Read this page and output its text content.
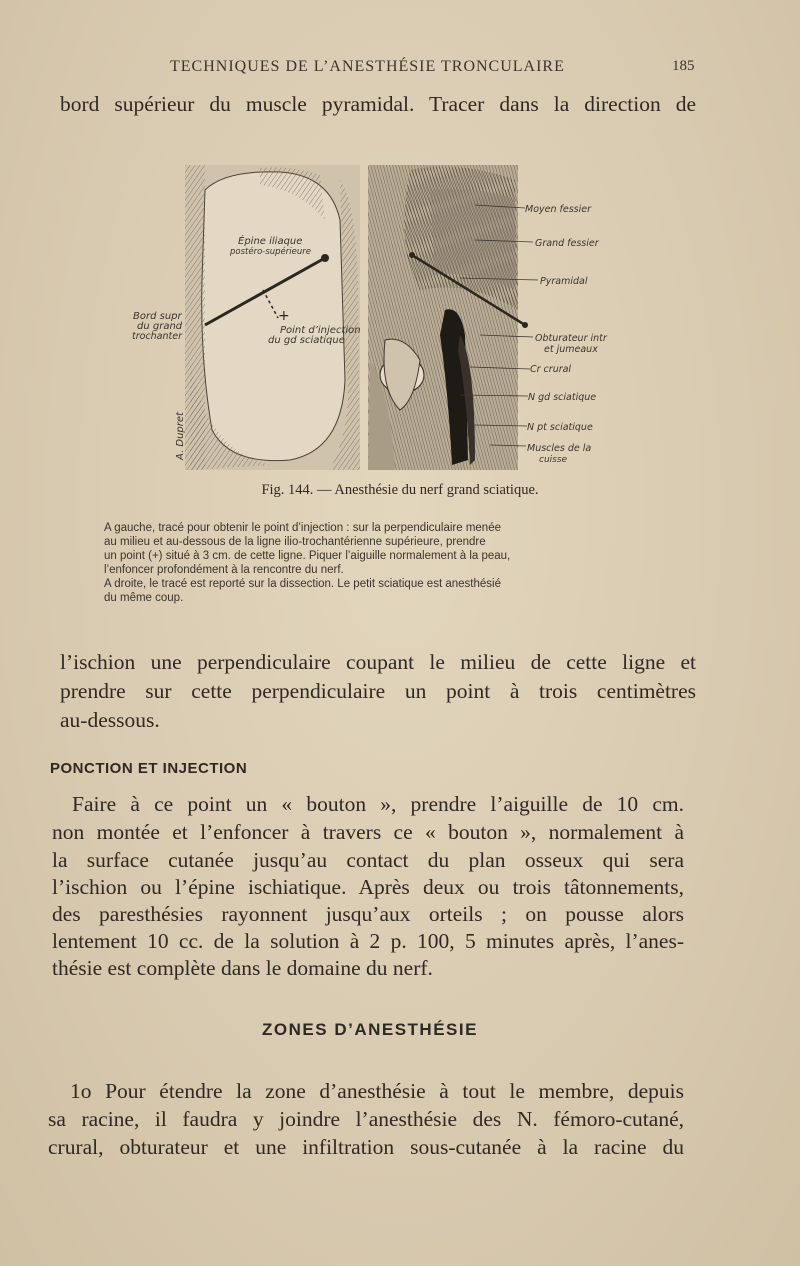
TECHNIQUES DE L’ANESTHÉSIE TRONCULAIRE	185
bord supérieur du muscle pyramidal. Tracer dans la direction de
+
Épine iliaque
postéro-supérieure
Bord supr
du grand
trochanter
Point d’injection
du gd sciatique
A. Dupret
Moyen fessier
Grand fessier
Pyramidal
Obturateur intr
et jumeaux
Cr crural
N gd sciatique
N pt sciatique
Muscles de la
cuisse
Fig. 144. — Anesthésie du nerf grand sciatique.
A gauche, tracé pour obtenir le point d’injection : sur la perpendiculaire menée
au milieu et au-dessous de la ligne ilio-trochantérienne supérieure, prendre
un point (+) situé à 3 cm. de cette ligne. Piquer l’aiguille normalement à la peau,
l’enfoncer profondément à la rencontre du nerf.
A droite, le tracé est reporté sur la dissection. Le petit sciatique est anesthésié
du même coup.
l’ischion une perpendiculaire coupant le milieu de cette ligne et
prendre sur cette perpendiculaire un point à trois centimètres
au-dessous.
PONCTION ET INJECTION
Faire à ce point un « bouton », prendre l’aiguille de 10 cm.
non montée et l’enfoncer à travers ce « bouton », normalement à
la surface cutanée jusqu’au contact du plan osseux qui sera
l’ischion ou l’épine ischiatique. Après deux ou trois tâtonnements,
des paresthésies rayonnent jusqu’aux orteils ; on pousse alors
lentement 10 cc. de la solution à 2 p. 100, 5 minutes après, l’anes-
thésie est complète dans le domaine du nerf.
ZONES D’ANESTHÉSIE
1o Pour étendre la zone d’anesthésie à tout le membre, depuis
sa racine, il faudra y joindre l’anesthésie des N. fémoro-cutané,
crural, obturateur et une infiltration sous-cutanée à la racine du
